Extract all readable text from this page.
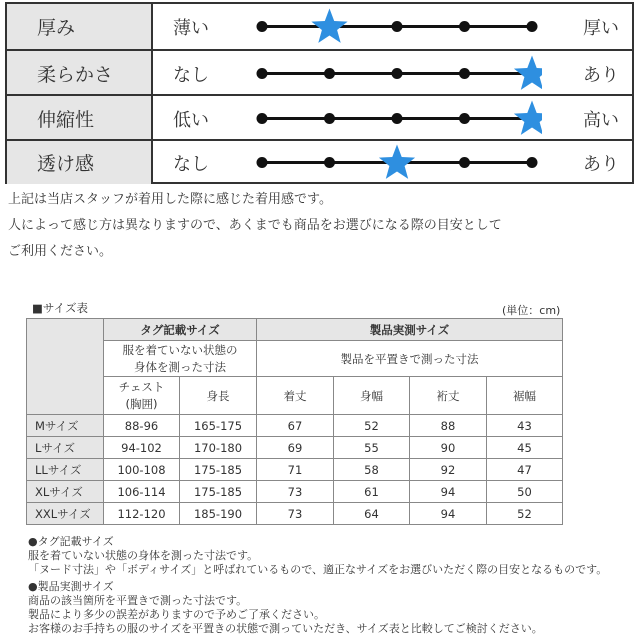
厚み	薄い	厚い
柔らかさ	なし	あり
伸縮性	低い	高い
透け感	なし	あり
上記は当店スタッフが着用した際に感じた着用感です。
人によって感じ方は異なりますので、あくまでも商品をお選びになる際の目安として
ご利用ください。
■サイズ表	(単位：cm)
	タグ記載サイズ		製品実測サイズ			
	服を着ていない状態の
身体を測った寸法		製品を平置きで測った寸法			
	チェスト
(胸囲)	身長	着丈	身幅	裄丈	裾幅
Mサイズ	88-96	165-175	67	52	88	43
Lサイズ	94-102	170-180	69	55	90	45
LLサイズ	100-108	175-185	71	58	92	47
XLサイズ	106-114	175-185	73	61	94	50
XXLサイズ	112-120	185-190	73	64	94	52
●タグ記載サイズ
服を着ていない状態の身体を測った寸法です。
「ヌード寸法」や「ボディサイズ」と呼ばれているもので、適正なサイズをお選びいただく際の目安となるものです。
●製品実測サイズ
商品の該当箇所を平置きで測った寸法です。
製品により多少の誤差がありますので予めご了承ください。
お客様のお手持ちの服のサイズを平置きの状態で測っていただき、サイズ表と比較してご検討ください。
